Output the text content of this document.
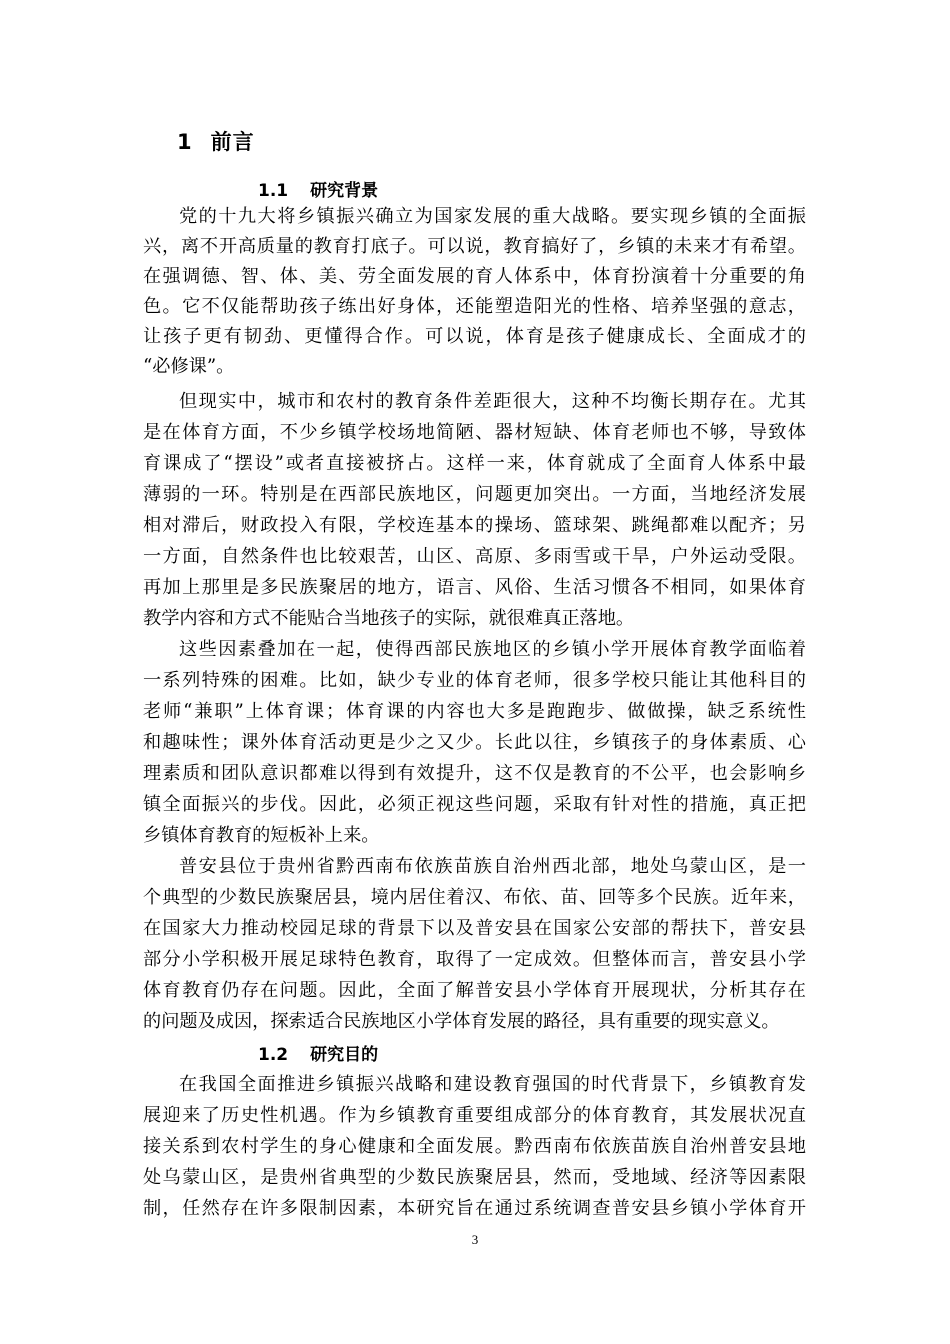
1 前言
1.1 研究背景
党的十九大将乡镇振兴确立为国家发展的重大战略。要实现乡镇的全面振
兴，离不开高质量的教育打底子。可以说，教育搞好了，乡镇的未来才有希望。
在强调德、智、体、美、劳全面发展的育人体系中，体育扮演着十分重要的角
色。它不仅能帮助孩子练出好身体，还能塑造阳光的性格、培养坚强的意志，
让孩子更有韧劲、更懂得合作。可以说，体育是孩子健康成长、全面成才的
“必修课”。
但现实中，城市和农村的教育条件差距很大，这种不均衡长期存在。尤其
是在体育方面，不少乡镇学校场地简陋、器材短缺、体育老师也不够，导致体
育课成了“摆设”或者直接被挤占。这样一来，体育就成了全面育人体系中最
薄弱的一环。特别是在西部民族地区，问题更加突出。一方面，当地经济发展
相对滞后，财政投入有限，学校连基本的操场、篮球架、跳绳都难以配齐；另
一方面，自然条件也比较艰苦，山区、高原、多雨雪或干旱，户外运动受限。
再加上那里是多民族聚居的地方，语言、风俗、生活习惯各不相同，如果体育
教学内容和方式不能贴合当地孩子的实际，就很难真正落地。
这些因素叠加在一起，使得西部民族地区的乡镇小学开展体育教学面临着
一系列特殊的困难。比如，缺少专业的体育老师，很多学校只能让其他科目的
老师“兼职”上体育课；体育课的内容也大多是跑跑步、做做操，缺乏系统性
和趣味性；课外体育活动更是少之又少。长此以往，乡镇孩子的身体素质、心
理素质和团队意识都难以得到有效提升，这不仅是教育的不公平，也会影响乡
镇全面振兴的步伐。因此，必须正视这些问题，采取有针对性的措施，真正把
乡镇体育教育的短板补上来。
普安县位于贵州省黔西南布依族苗族自治州西北部，地处乌蒙山区，是一
个典型的少数民族聚居县，境内居住着汉、布依、苗、回等多个民族。近年来，
在国家大力推动校园足球的背景下以及普安县在国家公安部的帮扶下，普安县
部分小学积极开展足球特色教育，取得了一定成效。但整体而言，普安县小学
体育教育仍存在问题。因此，全面了解普安县小学体育开展现状，分析其存在
的问题及成因，探索适合民族地区小学体育发展的路径，具有重要的现实意义。
1.2 研究目的
在我国全面推进乡镇振兴战略和建设教育强国的时代背景下，乡镇教育发
展迎来了历史性机遇。作为乡镇教育重要组成部分的体育教育，其发展状况直
接关系到农村学生的身心健康和全面发展。黔西南布依族苗族自治州普安县地
处乌蒙山区，是贵州省典型的少数民族聚居县，然而，受地域、经济等因素限
制，任然存在许多限制因素，本研究旨在通过系统调查普安县乡镇小学体育开
3
